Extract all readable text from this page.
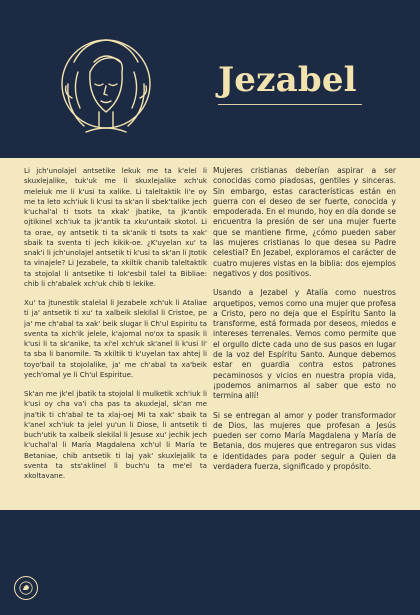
Jezabel

Li jch'unolajel antsetike lekuk me ta k'elel li skuxlejalike, tuk'uk me li skuxlejalike xch'uk meleluk me li k'usi ta xalike. Li taleltaktik li'e oy me ta leto xch'iuk li k'usi ta sk'an li sbek'talike jech k'uchal'al ti tsots ta xkak' jbatike, ta jk'antik ojtikinel xch'iuk ta jk'antik ta xku'untaik skotol. Li ta orae, oy antsetik ti ta sk'anik ti tsots ta xak' sbaik ta sventa ti jech kikik-oe. ¿K'uyelan xu' ta snak'i li jch'unolajel antsetik ti k'usi ta sk'an li Jtotik ta vinajele? Li Jezabele, ta xkiltik chanib taleltaktik ta stojolal li antsetike ti lok'esbil talel ta Bibliae: chib li ch'abalek xch'uk chib ti lekike.

Xu' ta jtunestik stalelal li Jezabele xch'uk li Ataliae ti ja' antsetik ti xu' ta xalbeik slekilal li Cristoe, pe ja' me ch'abal ta xak' beik slugar li Ch'ul Espiritu ta sventa ta xich'ik jelele, k'ajomal no'ox ta spasik li k'usi li ta sk'anike, ta xi'el xch'uk sk'anel li k'usi li' ta sba li banomile. Ta xkiltik ti k'uyelan tax ahtej li toyo'bail ta stojolalike, ja' me ch'abal ta xa'beik yech'omal ye li Ch'ul Espiritue.

Sk'an me jk'el jbatik ta stojolal li mulketik xch'iuk li k'usi oy cha va'i cha pas ta akuxlejal, sk'an me jna'tik ti ch'abal te ta xlaj-oej Mi ta xak' sbaik ta k'anel xch'iuk ta jelel yu'un li Diose, li antsetik ti buch'utik ta xalbeik slekilal li Jesuse xu' jechik jech k'uchal'al li María Magdalena xch'ul li María te Betaniae, chib antsetik ti laj yak' skuxlejalik ta sventa ta sts'aklinel li buch'u ta me'el ta xkoltavane.

Mujeres cristianas deberían aspirar a ser conocidas como piadosas, gentiles y sinceras. Sin embargo, estas características están en guerra con el deseo de ser fuerte, conocida y empoderada. En el mundo, hoy en día donde se encuentra la presión de ser una mujer fuerte que se mantiene firme, ¿cómo pueden saber las mujeres cristianas lo que desea su Padre celestial? En Jezabel, exploramos el carácter de cuatro mujeres vistas en la biblia: dos ejemplos negativos y dos positivos.

Usando a Jezabel y Atalía como nuestros arquetipos, vemos como una mujer que profesa a Cristo, pero no deja que el Espíritu Santo la transforme, está formada por deseos, miedos e intereses terrenales. Vemos como permite que el orgullo dicte cada uno de sus pasos en lugar de la voz del Espíritu Santo. Aunque debemos estar en guardia contra estos patrones pecaminosos y vicios en nuestra propia vida, ¡podemos animarnos al saber que esto no termina allí!

Si se entregan al amor y poder transformador de Dios, las mujeres que profesan a Jesús pueden ser como María Magdalena y María de Betania, dos mujeres que entregaron sus vidas e identidades para poder seguir a Quien da verdadera fuerza, significado y propósito.
